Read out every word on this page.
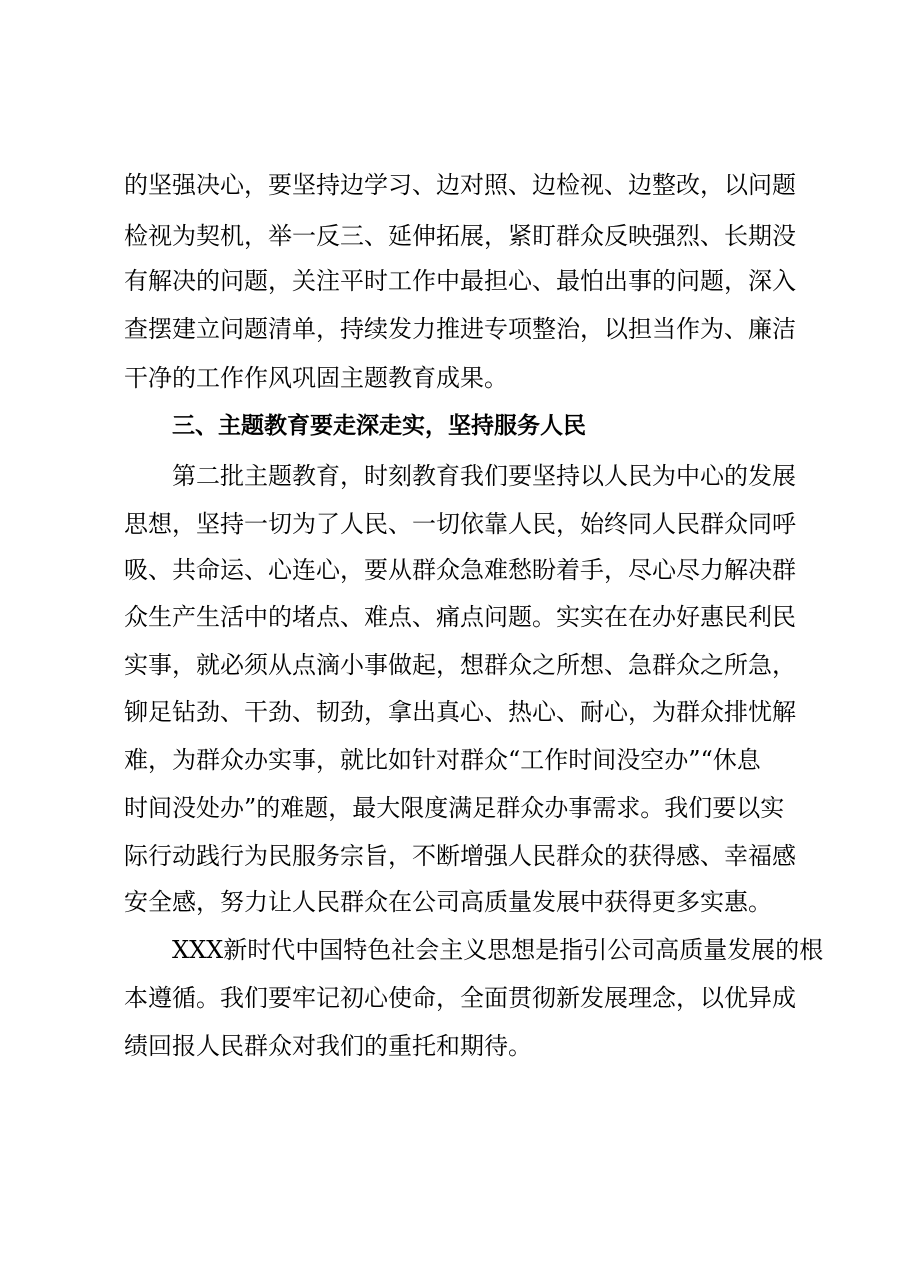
的坚强决心，要坚持边学习、边对照、边检视、边整改，以问题
检视为契机，举一反三、延伸拓展，紧盯群众反映强烈、长期没
有解决的问题，关注平时工作中最担心、最怕出事的问题，深入
查摆建立问题清单，持续发力推进专项整治，以担当作为、廉洁
干净的工作作风巩固主题教育成果。
三、主题教育要走深走实，坚持服务人民
第二批主题教育，时刻教育我们要坚持以人民为中心的发展
思想，坚持一切为了人民、一切依靠人民，始终同人民群众同呼
吸、共命运、心连心，要从群众急难愁盼着手，尽心尽力解决群
众生产生活中的堵点、难点、痛点问题。实实在在办好惠民利民
实事，就必须从点滴小事做起，想群众之所想、急群众之所急，
铆足钻劲、干劲、韧劲，拿出真心、热心、耐心，为群众排忧解
难，为群众办实事，就比如针对群众“工作时间没空办”“休息
时间没处办”的难题，最大限度满足群众办事需求。我们要以实
际行动践行为民服务宗旨，不断增强人民群众的获得感、幸福感
安全感，努力让人民群众在公司高质量发展中获得更多实惠。
XXX新时代中国特色社会主义思想是指引公司高质量发展的根
本遵循。我们要牢记初心使命，全面贯彻新发展理念，以优异成
绩回报人民群众对我们的重托和期待。
